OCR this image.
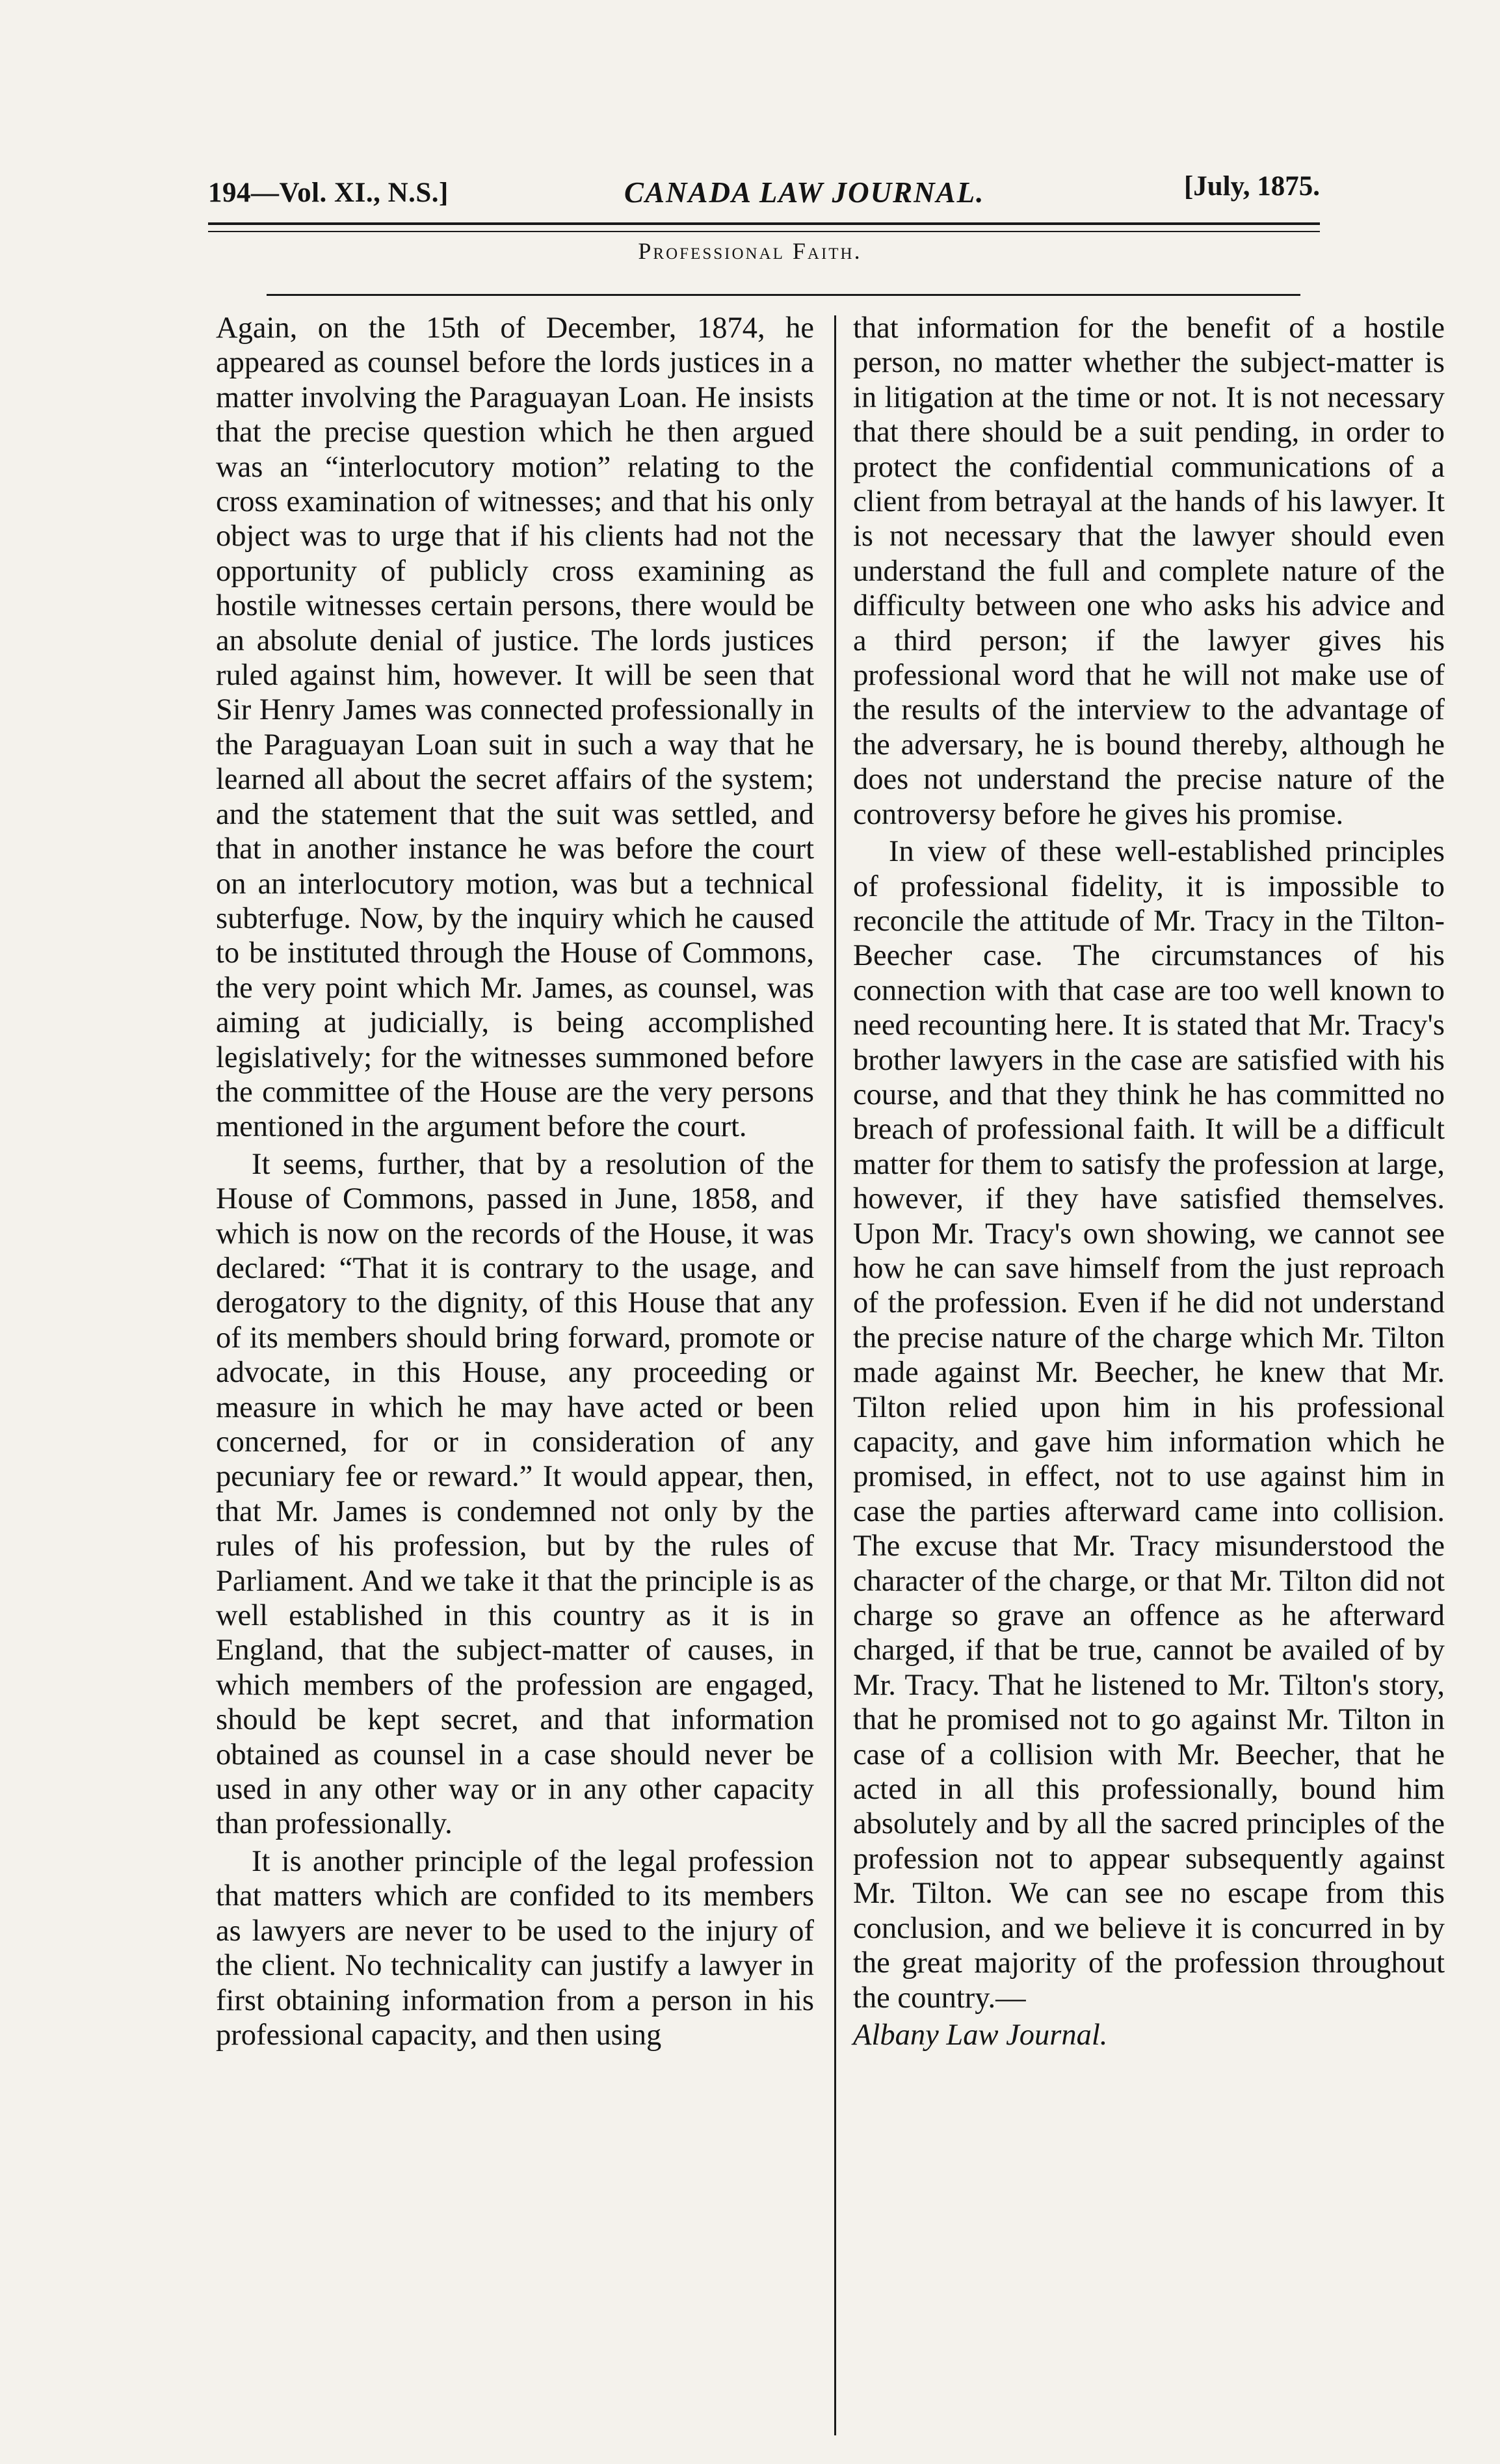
194—Vol. XI., N.S.]	CANADA LAW JOURNAL.	[July, 1875.
Professional Faith.

Again, on the 15th of December, 1874, he appeared as counsel before the lords justices in a matter involving the Paraguayan Loan. He insists that the precise question which he then argued was an “interlocutory motion” relating to the cross examination of witnesses; and that his only object was to urge that if his clients had not the opportunity of publicly cross examining as hostile witnesses certain persons, there would be an absolute denial of justice. The lords justices ruled against him, however. It will be seen that Sir Henry James was connected professionally in the Paraguayan Loan suit in such a way that he learned all about the secret affairs of the system; and the statement that the suit was settled, and that in another instance he was before the court on an interlocutory motion, was but a technical subterfuge. Now, by the inquiry which he caused to be instituted through the House of Commons, the very point which Mr. James, as counsel, was aiming at judicially, is being accomplished legislatively; for the witnesses summoned before the committee of the House are the very persons mentioned in the argument before the court.

It seems, further, that by a resolution of the House of Commons, passed in June, 1858, and which is now on the records of the House, it was declared: “That it is contrary to the usage, and derogatory to the dignity, of this House that any of its members should bring forward, promote or advocate, in this House, any proceeding or measure in which he may have acted or been concerned, for or in consideration of any pecuniary fee or reward.” It would appear, then, that Mr. James is condemned not only by the rules of his profession, but by the rules of Parliament. And we take it that the principle is as well established in this country as it is in England, that the subject-matter of causes, in which members of the profession are engaged, should be kept secret, and that information obtained as counsel in a case should never be used in any other way or in any other capacity than professionally.

It is another principle of the legal profession that matters which are confided to its members as lawyers are never to be used to the injury of the client. No technicality can justify a lawyer in first obtaining information from a person in his professional capacity, and then using

that information for the benefit of a hostile person, no matter whether the subject-matter is in litigation at the time or not. It is not necessary that there should be a suit pending, in order to protect the confidential communications of a client from betrayal at the hands of his lawyer. It is not necessary that the lawyer should even understand the full and complete nature of the difficulty between one who asks his advice and a third person; if the lawyer gives his professional word that he will not make use of the results of the interview to the advantage of the adversary, he is bound thereby, although he does not understand the precise nature of the controversy before he gives his promise.

In view of these well-established principles of professional fidelity, it is impossible to reconcile the attitude of Mr. Tracy in the Tilton-Beecher case. The circumstances of his connection with that case are too well known to need recounting here. It is stated that Mr. Tracy's brother lawyers in the case are satisfied with his course, and that they think he has committed no breach of professional faith. It will be a difficult matter for them to satisfy the profession at large, however, if they have satisfied themselves. Upon Mr. Tracy's own showing, we cannot see how he can save himself from the just reproach of the profession. Even if he did not understand the precise nature of the charge which Mr. Tilton made against Mr. Beecher, he knew that Mr. Tilton relied upon him in his professional capacity, and gave him information which he promised, in effect, not to use against him in case the parties afterward came into collision. The excuse that Mr. Tracy misunderstood the character of the charge, or that Mr. Tilton did not charge so grave an offence as he afterward charged, if that be true, cannot be availed of by Mr. Tracy. That he listened to Mr. Tilton's story, that he promised not to go against Mr. Tilton in case of a collision with Mr. Beecher, that he acted in all this professionally, bound him absolutely and by all the sacred principles of the profession not to appear subsequently against Mr. Tilton. We can see no escape from this conclusion, and we believe it is concurred in by the great majority of the profession throughout the country.—

Albany Law Journal.
